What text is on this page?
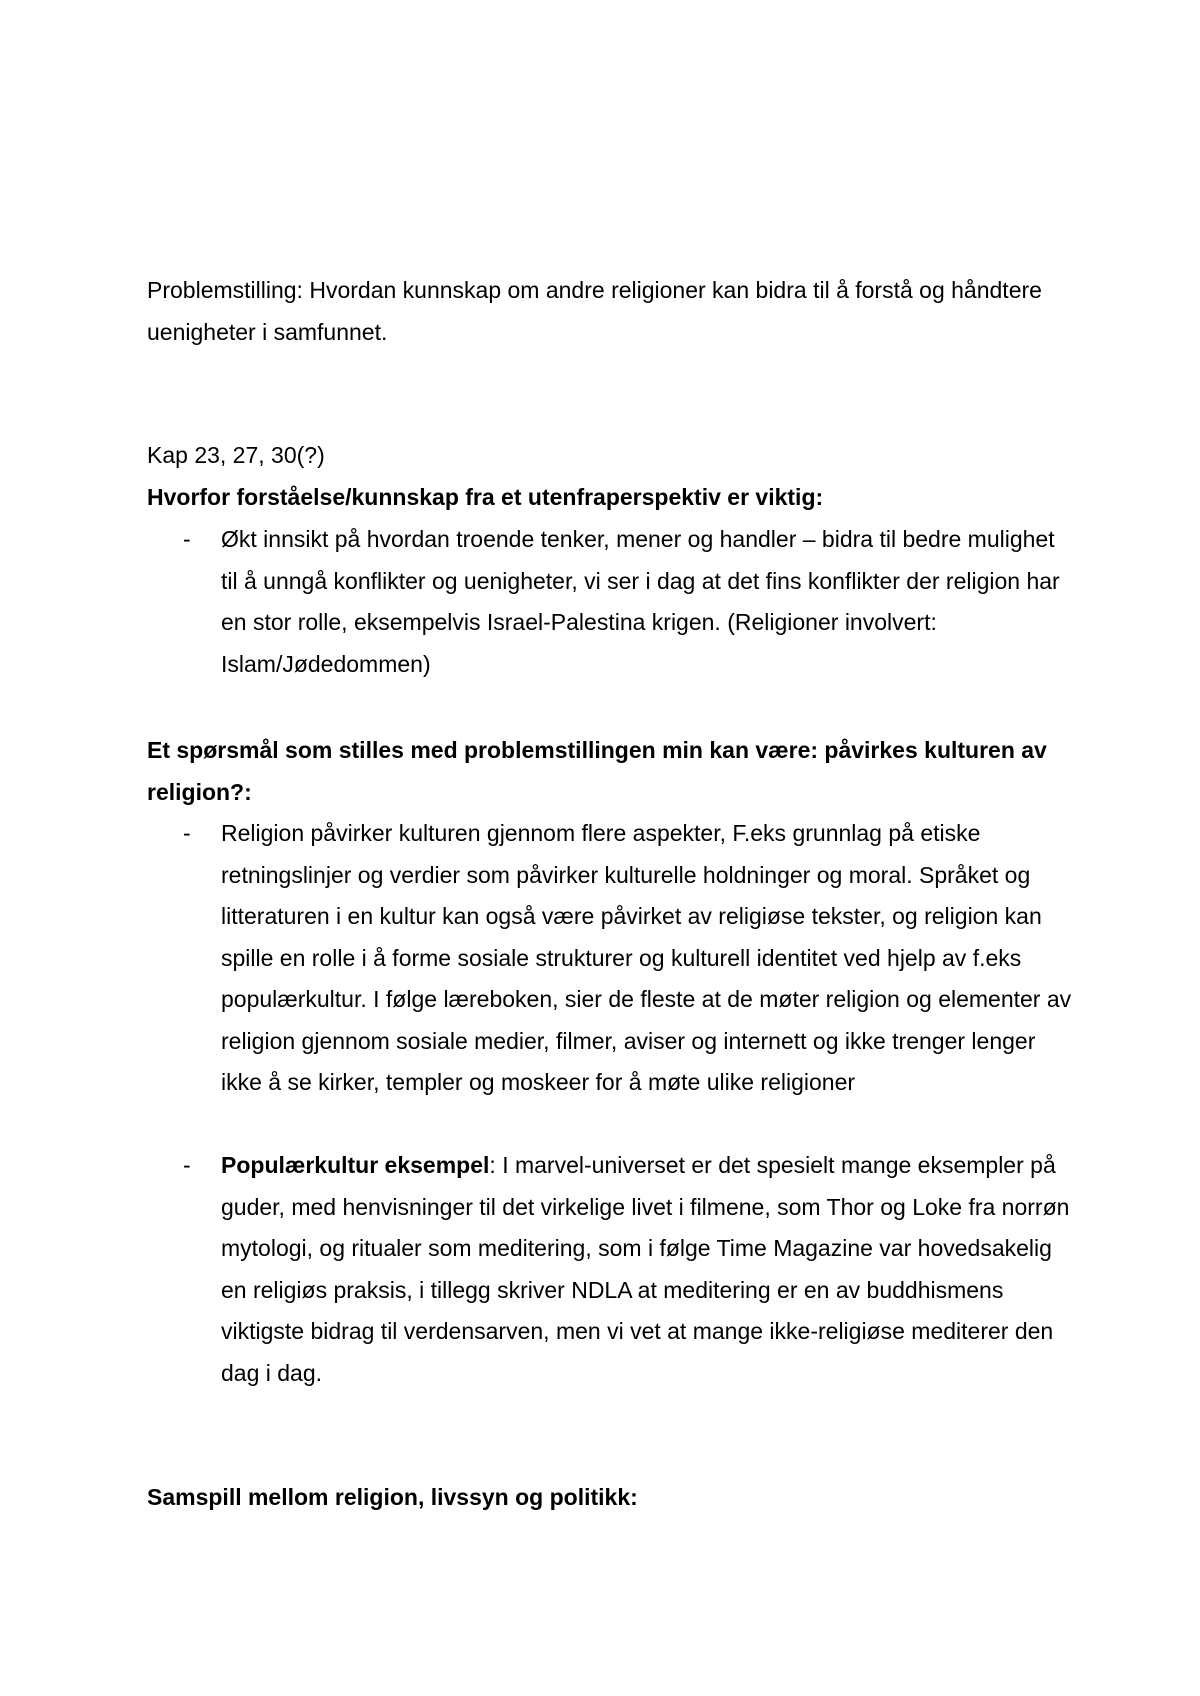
Problemstilling: Hvordan kunnskap om andre religioner kan bidra til å forstå og håndtere uenigheter i samfunnet.

Kap 23, 27, 30(?)

Hvorfor forståelse/kunnskap fra et utenfraperspektiv er viktig:

- Økt innsikt på hvordan troende tenker, mener og handler – bidra til bedre mulighet til å unngå konflikter og uenigheter, vi ser i dag at det fins konflikter der religion har en stor rolle, eksempelvis Israel-Palestina krigen. (Religioner involvert: Islam/Jødedommen)

Et spørsmål som stilles med problemstillingen min kan være: påvirkes kulturen av religion?:

- Religion påvirker kulturen gjennom flere aspekter, F.eks grunnlag på etiske retningslinjer og verdier som påvirker kulturelle holdninger og moral. Språket og litteraturen i en kultur kan også være påvirket av religiøse tekster, og religion kan spille en rolle i å forme sosiale strukturer og kulturell identitet ved hjelp av f.eks populærkultur. I følge læreboken, sier de fleste at de møter religion og elementer av religion gjennom sosiale medier, filmer, aviser og internett og ikke trenger lenger ikke å se kirker, templer og moskeer for å møte ulike religioner
- Populærkultur eksempel: I marvel-universet er det spesielt mange eksempler på guder, med henvisninger til det virkelige livet i filmene, som Thor og Loke fra norrøn mytologi, og ritualer som meditering, som i følge Time Magazine var hovedsakelig en religiøs praksis, i tillegg skriver NDLA at meditering er en av buddhismens viktigste bidrag til verdensarven, men vi vet at mange ikke-religiøse mediterer den dag i dag.

Samspill mellom religion, livssyn og politikk:
